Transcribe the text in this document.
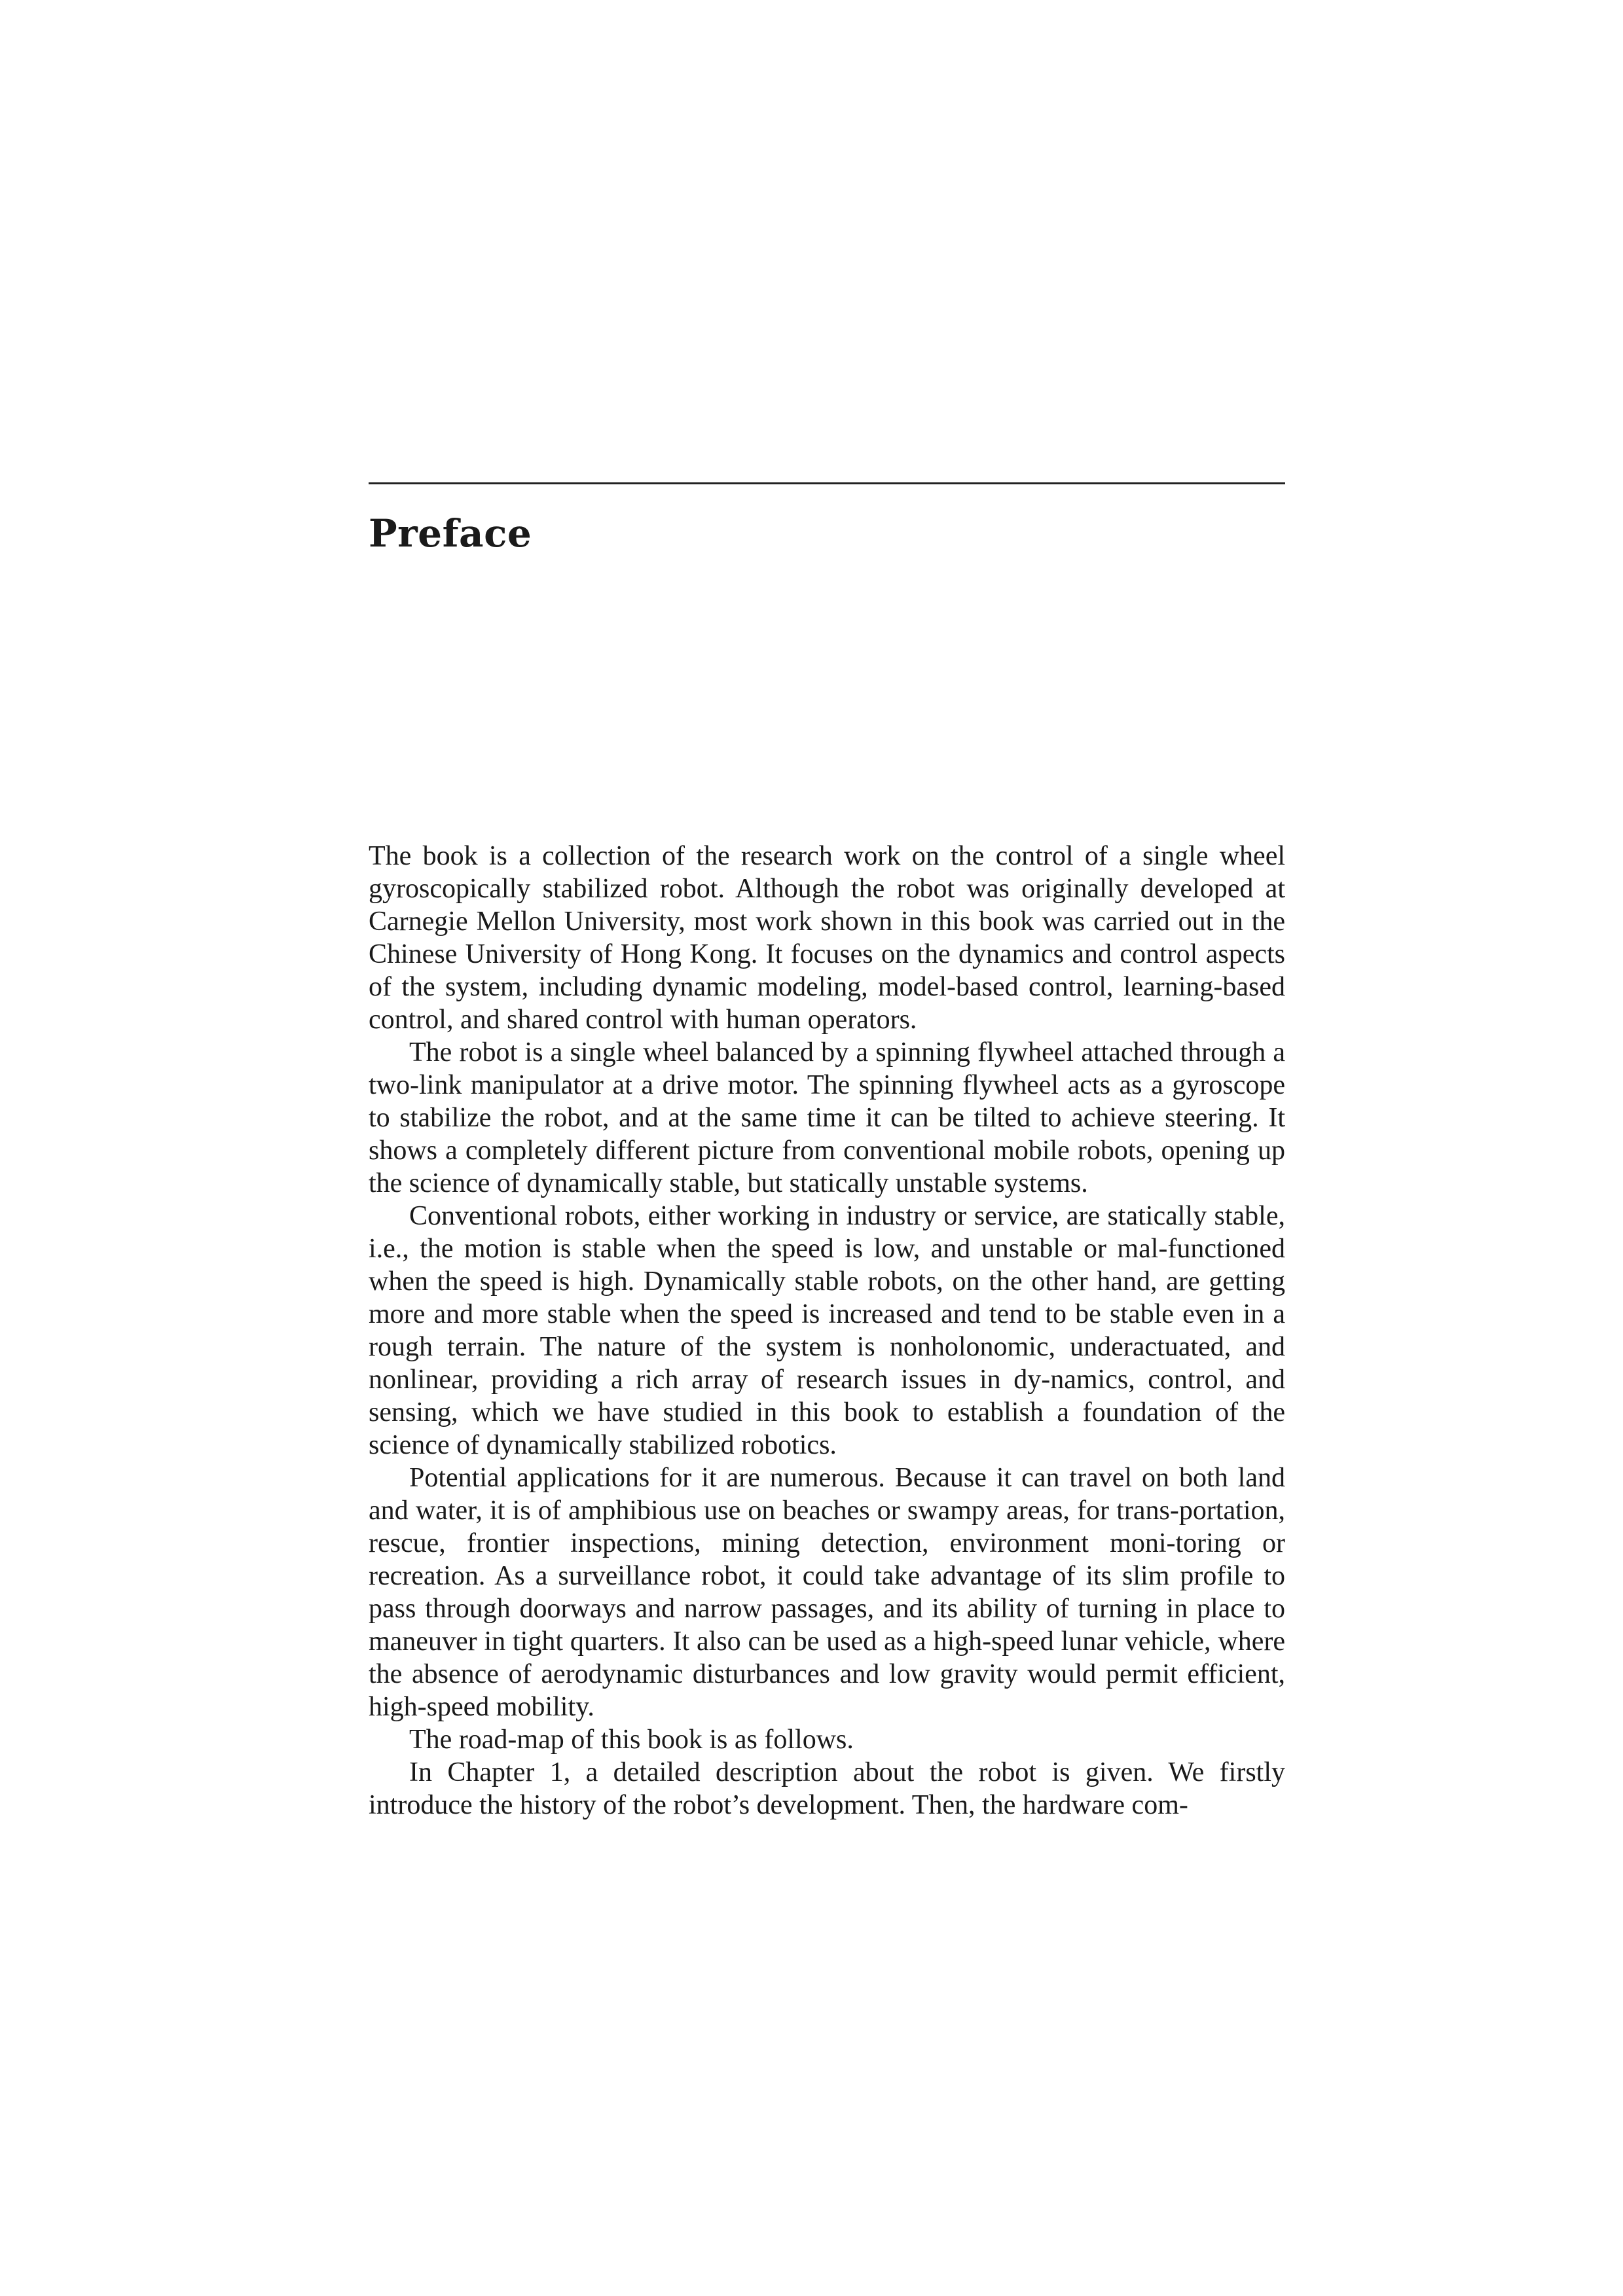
Preface

The book is a collection of the research work on the control of a single wheel gyroscopically stabilized robot. Although the robot was originally developed at Carnegie Mellon University, most work shown in this book was carried out in the Chinese University of Hong Kong. It focuses on the dynamics and control aspects of the system, including dynamic modeling, model-based control, learning-based control, and shared control with human operators.

The robot is a single wheel balanced by a spinning flywheel attached through a two-link manipulator at a drive motor. The spinning flywheel acts as a gyroscope to stabilize the robot, and at the same time it can be tilted to achieve steering. It shows a completely different picture from conventional mobile robots, opening up the science of dynamically stable, but statically unstable systems.

Conventional robots, either working in industry or service, are statically stable, i.e., the motion is stable when the speed is low, and unstable or mal-functioned when the speed is high. Dynamically stable robots, on the other hand, are getting more and more stable when the speed is increased and tend to be stable even in a rough terrain. The nature of the system is nonholonomic, underactuated, and nonlinear, providing a rich array of research issues in dy-namics, control, and sensing, which we have studied in this book to establish a foundation of the science of dynamically stabilized robotics.

Potential applications for it are numerous. Because it can travel on both land and water, it is of amphibious use on beaches or swampy areas, for trans-portation, rescue, frontier inspections, mining detection, environment moni-toring or recreation. As a surveillance robot, it could take advantage of its slim profile to pass through doorways and narrow passages, and its ability of turning in place to maneuver in tight quarters. It also can be used as a high-speed lunar vehicle, where the absence of aerodynamic disturbances and low gravity would permit efficient, high-speed mobility.

The road-map of this book is as follows.

In Chapter 1, a detailed description about the robot is given. We firstly introduce the history of the robot’s development. Then, the hardware com-
